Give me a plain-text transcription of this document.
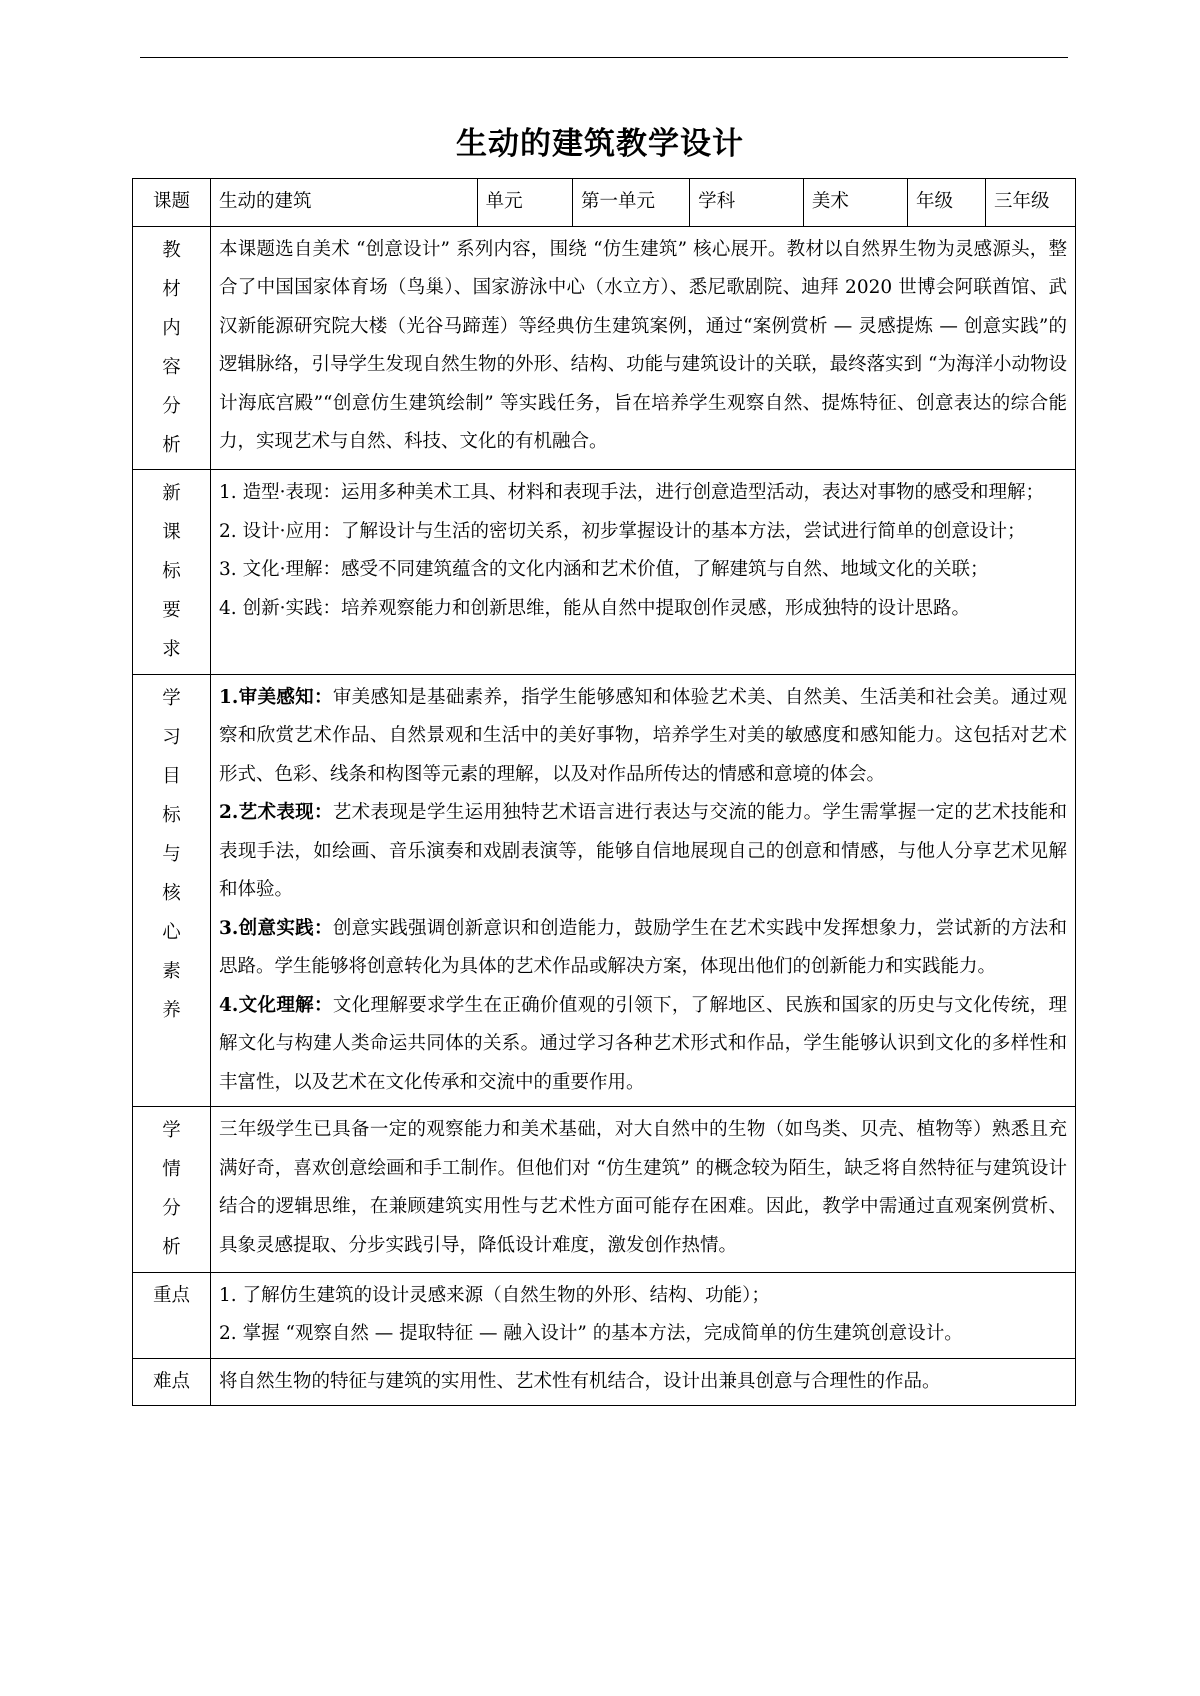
生动的建筑教学设计
课题	生动的建筑	单元	第一单元	学科	美术	年级	三年级
教材内容分析	本课题选自美术 “创意设计” 系列内容，围绕 “仿生建筑” 核心展开。教材以自然界生物为灵感源头，整合了中国国家体育场（鸟巢）、国家游泳中心（水立方）、悉尼歌剧院、迪拜 2020 世博会阿联酋馆、武汉新能源研究院大楼（光谷马蹄莲）等经典仿生建筑案例，通过“案例赏析 — 灵感提炼 — 创意实践”的逻辑脉络，引导学生发现自然生物的外形、结构、功能与建筑设计的关联，最终落实到 “为海洋小动物设计海底宫殿”“创意仿生建筑绘制” 等实践任务，旨在培养学生观察自然、提炼特征、创意表达的综合能力，实现艺术与自然、科技、文化的有机融合。						

新课标要求	1. 造型·表现：运用多种美术工具、材料和表现手法，进行创意造型活动，表达对事物的感受和理解；

2. 设计·应用：了解设计与生活的密切关系，初步掌握设计的基本方法，尝试进行简单的创意设计；

3. 文化·理解：感受不同建筑蕴含的文化内涵和艺术价值，了解建筑与自然、地域文化的关联；

4. 创新·实践：培养观察能力和创新思维，能从自然中提取创作灵感，形成独特的设计思路。						

学习目标与核心素养	1.审美感知：审美感知是基础素养，指学生能够感知和体验艺术美、自然美、生活美和社会美。通过观察和欣赏艺术作品、自然景观和生活中的美好事物，培养学生对美的敏感度和感知能力。这包括对艺术形式、色彩、线条和构图等元素的理解，以及对作品所传达的情感和意境的体会。

2.艺术表现：艺术表现是学生运用独特艺术语言进行表达与交流的能力。学生需掌握一定的艺术技能和表现手法，如绘画、音乐演奏和戏剧表演等，能够自信地展现自己的创意和情感，与他人分享艺术见解和体验。

3.创意实践：创意实践强调创新意识和创造能力，鼓励学生在艺术实践中发挥想象力，尝试新的方法和思路。学生能够将创意转化为具体的艺术作品或解决方案，体现出他们的创新能力和实践能力。

4.文化理解：文化理解要求学生在正确价值观的引领下，了解地区、民族和国家的历史与文化传统，理解文化与构建人类命运共同体的关系。通过学习各种艺术形式和作品，学生能够认识到文化的多样性和丰富性，以及艺术在文化传承和交流中的重要作用。						

学情分析	三年级学生已具备一定的观察能力和美术基础，对大自然中的生物（如鸟类、贝壳、植物等）熟悉且充满好奇，喜欢创意绘画和手工制作。但他们对 “仿生建筑” 的概念较为陌生，缺乏将自然特征与建筑设计结合的逻辑思维，在兼顾建筑实用性与艺术性方面可能存在困难。因此，教学中需通过直观案例赏析、具象灵感提取、分步实践引导，降低设计难度，激发创作热情。						

重点	1. 了解仿生建筑的设计灵感来源（自然生物的外形、结构、功能）；

2. 掌握 “观察自然 — 提取特征 — 融入设计” 的基本方法，完成简单的仿生建筑创意设计。						

难点	将自然生物的特征与建筑的实用性、艺术性有机结合，设计出兼具创意与合理性的作品。						
